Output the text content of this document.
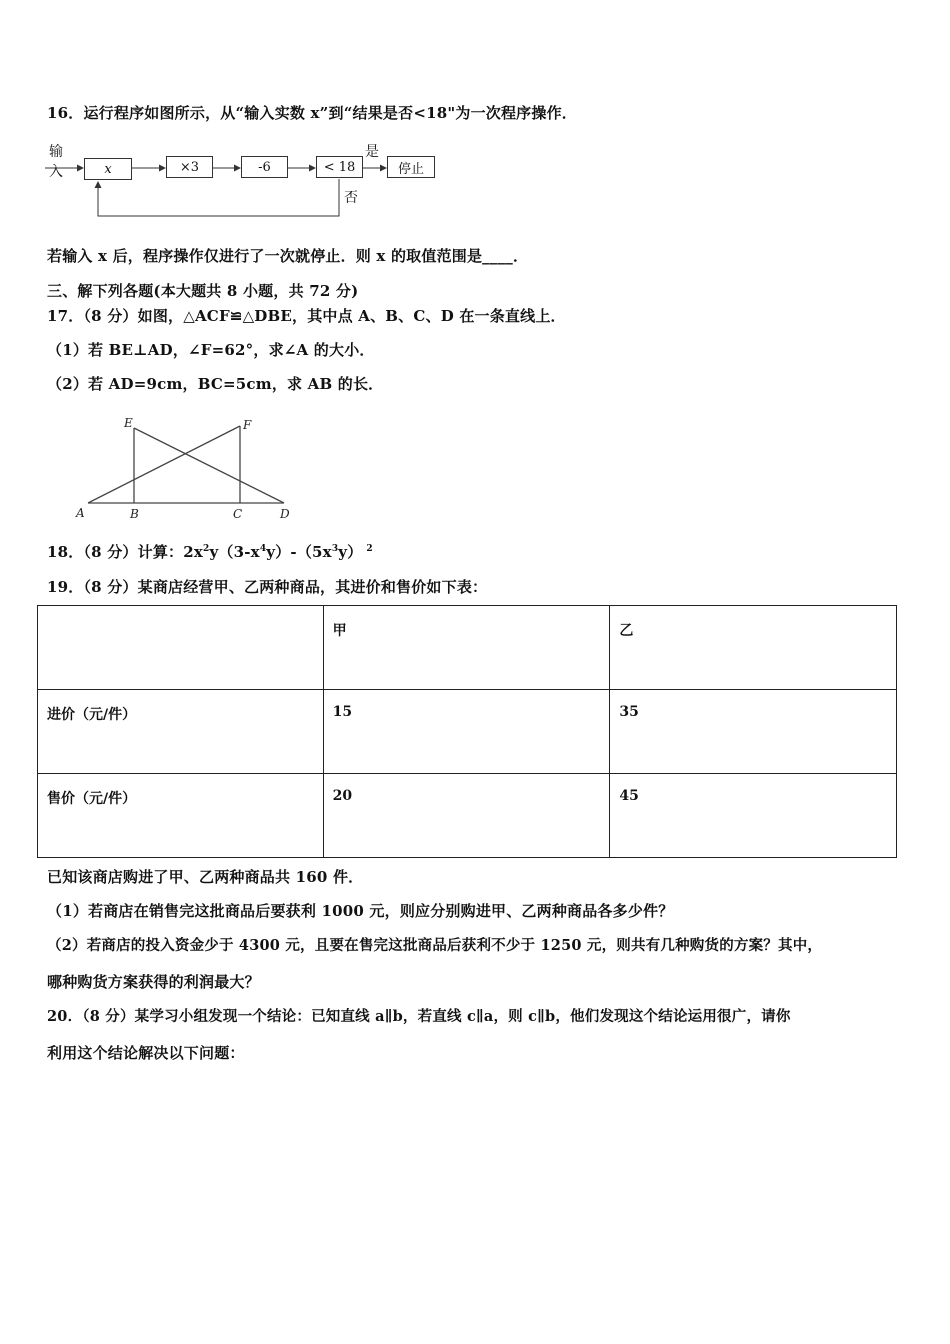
16．运行程序如图所示，从“输入实数 x”到“结果是否<18"为一次程序操作．
输入	x	×3	-6	< 18	停止
是
否
若输入 x 后，程序操作仅进行了一次就停止．则 x 的取值范围是____．
三、解下列各题(本大题共 8 小题，共 72 分)
17．（8 分）如图，△ACF≌△DBE，其中点 A、B、C、D 在一条直线上．
（1）若 BE⊥AD，∠F=62°，求∠A 的大小．
（2）若 AD=9cm，BC=5cm，求 AB 的长．
E	F
A	B	C	D
18．（8 分）计算：$2x^2y(3-x^4y)-(5x^3y)$ $^2$
19．（8 分）某商店经营甲、乙两种商品，其进价和售价如下表：
	甲	乙
进价（元/件）	15	35
售价（元/件）	20	45
已知该商店购进了甲、乙两种商品共 160 件．
（1）若商店在销售完这批商品后要获利 1000 元，则应分别购进甲、乙两种商品各多少件？
（2）若商店的投入资金少于 4300 元，且要在售完这批商品后获利不少于 1250 元，则共有几种购货的方案？其中，
哪种购货方案获得的利润最大？
20．（8 分）某学习小组发现一个结论：已知直线 a∥b，若直线 c∥a，则 c∥b，他们发现这个结论运用很广，请你
利用这个结论解决以下问题：
